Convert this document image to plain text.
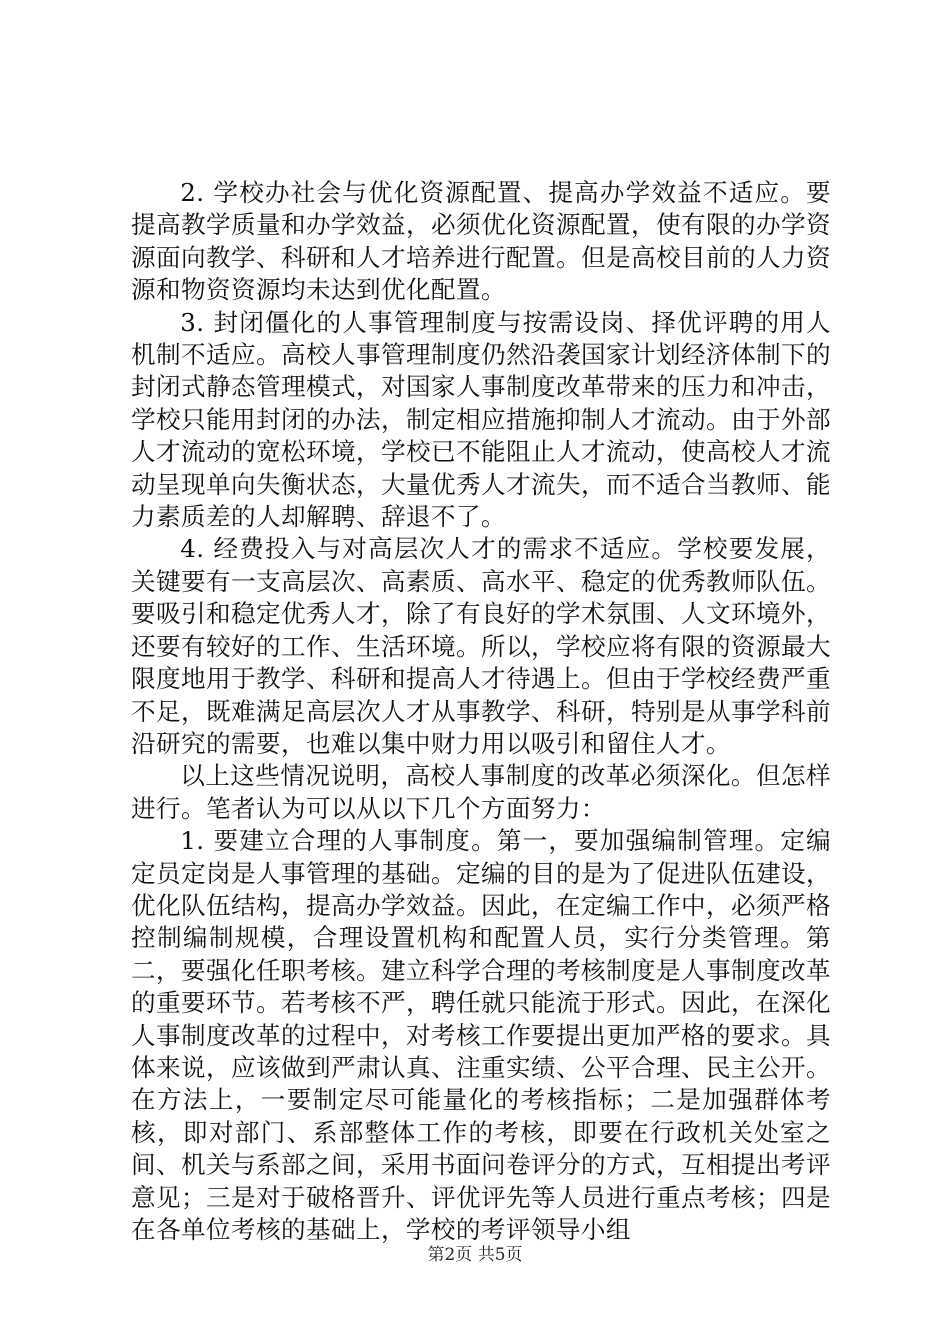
2. 学校办社会与优化资源配置、提高办学效益不适应。要提高教学质量和办学效益，必须优化资源配置，使有限的办学资源面向教学、科研和人才培养进行配置。但是高校目前的人力资源和物资资源均未达到优化配置。

3. 封闭僵化的人事管理制度与按需设岗、择优评聘的用人机制不适应。高校人事管理制度仍然沿袭国家计划经济体制下的封闭式静态管理模式，对国家人事制度改革带来的压力和冲击，学校只能用封闭的办法，制定相应措施抑制人才流动。由于外部人才流动的宽松环境，学校已不能阻止人才流动，使高校人才流动呈现单向失衡状态，大量优秀人才流失，而不适合当教师、能力素质差的人却解聘、辞退不了。

4. 经费投入与对高层次人才的需求不适应。学校要发展，关键要有一支高层次、高素质、高水平、稳定的优秀教师队伍。要吸引和稳定优秀人才，除了有良好的学术氛围、人文环境外，还要有较好的工作、生活环境。所以，学校应将有限的资源最大限度地用于教学、科研和提高人才待遇上。但由于学校经费严重不足，既难满足高层次人才从事教学、科研，特别是从事学科前沿研究的需要，也难以集中财力用以吸引和留住人才。

以上这些情况说明，高校人事制度的改革必须深化。但怎样进行。笔者认为可以从以下几个方面努力：

1. 要建立合理的人事制度。第一，要加强编制管理。定编定员定岗是人事管理的基础。定编的目的是为了促进队伍建设，优化队伍结构，提高办学效益。因此，在定编工作中，必须严格控制编制规模，合理设置机构和配置人员，实行分类管理。第二，要强化任职考核。建立科学合理的考核制度是人事制度改革的重要环节。若考核不严，聘任就只能流于形式。因此，在深化人事制度改革的过程中，对考核工作要提出更加严格的要求。具体来说，应该做到严肃认真、注重实绩、公平合理、民主公开。在方法上，一要制定尽可能量化的考核指标；二是加强群体考核，即对部门、系部整体工作的考核，即要在行政机关处室之间、机关与系部之间，采用书面问卷评分的方式，互相提出考评意见；三是对于破格晋升、评优评先等人员进行重点考核；四是在各单位考核的基础上，学校的考评领导小组

第2页 共5页
